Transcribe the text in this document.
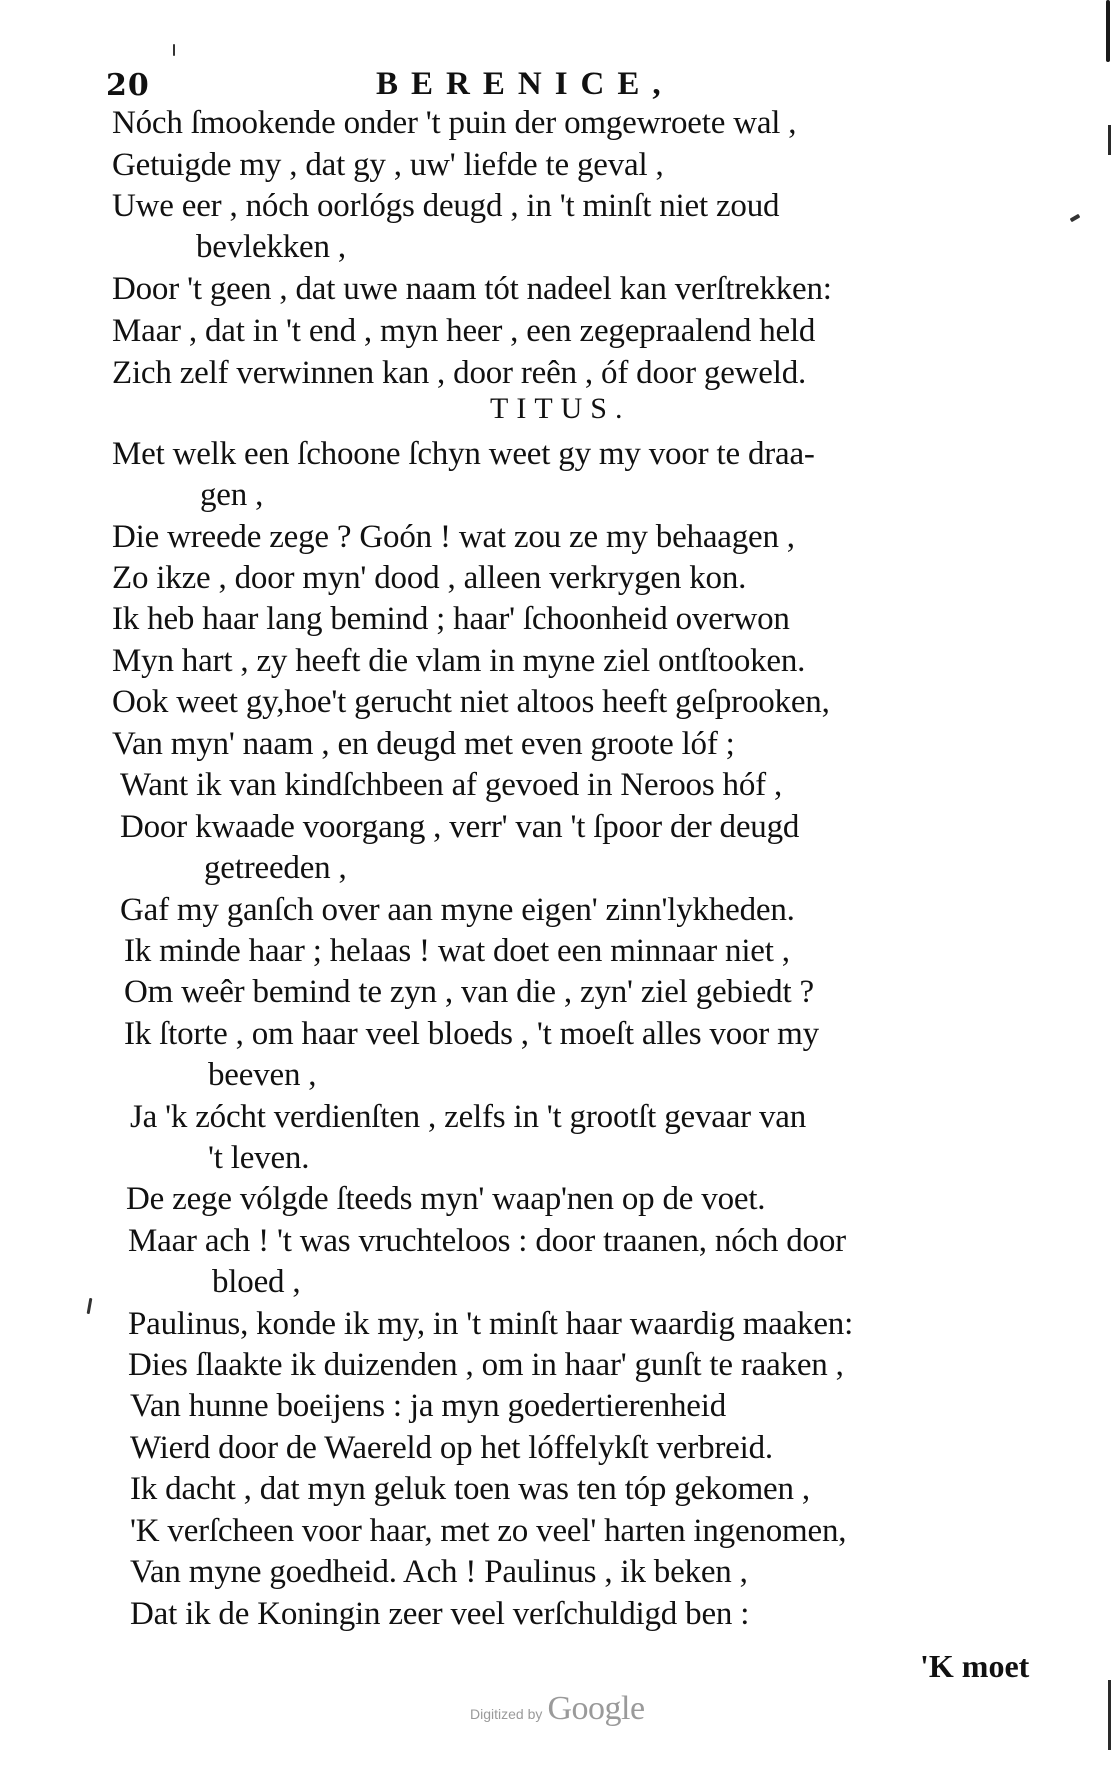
20	BERENICE,
Nóch ſmookende onder 't puin der omgewroete wal ,
Getuigde my , dat gy , uw' liefde te geval ,
Uwe eer , nóch oorlógs deugd , in 't minſt niet zoud
bevlekken ,
Door 't geen , dat uwe naam tót nadeel kan verſtrekken:
Maar , dat in 't end , myn heer , een zegepraalend held
Zich zelf verwinnen kan , door reên , óf door geweld.
Met welk een ſchoone ſchyn weet gy my voor te draa-
gen ,
Die wreede zege ? Goón ! wat zou ze my behaagen ,
Zo ikze , door myn' dood , alleen verkrygen kon.
Ik heb haar lang bemind ; haar' ſchoonheid overwon
Myn hart , zy heeft die vlam in myne ziel ontſtooken.
Ook weet gy,hoe't gerucht niet altoos heeft geſprooken,
Van myn' naam , en deugd met even groote lóf ;
Want ik van kindſchbeen af gevoed in Neroos hóf ,
Door kwaade voorgang , verr' van 't ſpoor der deugd
getreeden ,
Gaf my ganſch over aan myne eigen' zinn'lykheden.
Ik minde haar ; helaas ! wat doet een minnaar niet ,
Om weêr bemind te zyn , van die , zyn' ziel gebiedt ?
Ik ſtorte , om haar veel bloeds , 't moeſt alles voor my
beeven ,
Ja 'k zócht verdienſten , zelfs in 't grootſt gevaar van
't leven.
De zege vólgde ſteeds myn' waap'nen op de voet.
Maar ach ! 't was vruchteloos : door traanen, nóch door
bloed ,
Paulinus, konde ik my, in 't minſt haar waardig maaken:
Dies ſlaakte ik duizenden , om in haar' gunſt te raaken ,
Van hunne boeijens : ja myn goedertierenheid
Wierd door de Waereld op het lóffelykſt verbreid.
Ik dacht , dat myn geluk toen was ten tóp gekomen ,
'K verſcheen voor haar, met zo veel' harten ingenomen,
Van myne goedheid. Ach ! Paulinus , ik beken ,
Dat ik de Koningin zeer veel verſchuldigd ben :
TITUS.
'K moet
Digitized by Google
